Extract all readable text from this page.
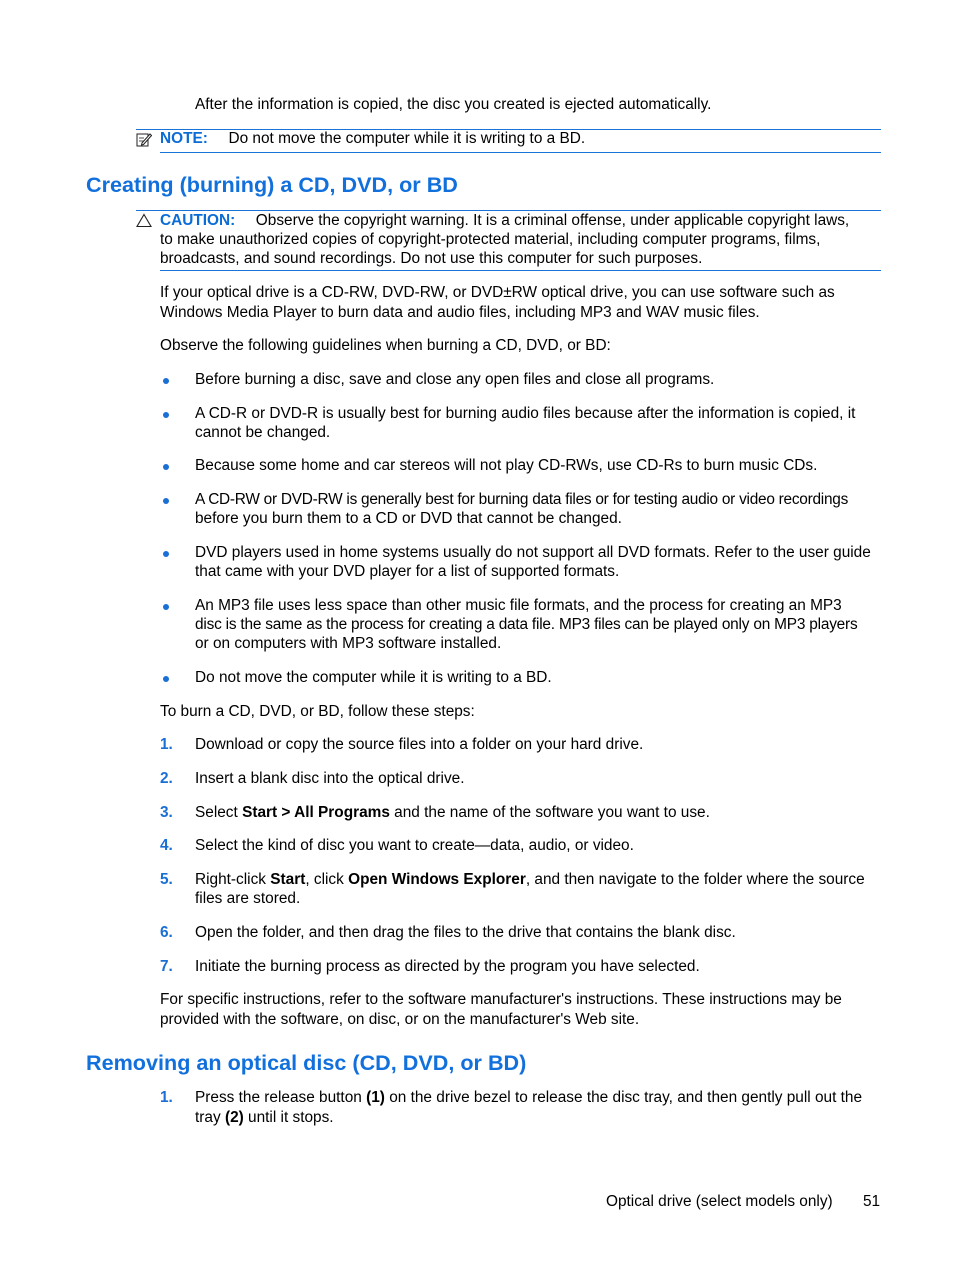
After the information is copied, the disc you created is ejected automatically.
NOTE: Do not move the computer while it is writing to a BD.
Creating (burning) a CD, DVD, or BD
CAUTION: Observe the copyright warning. It is a criminal offense, under applicable copyright laws,
to make unauthorized copies of copyright-protected material, including computer programs, films,
broadcasts, and sound recordings. Do not use this computer for such purposes.
If your optical drive is a CD-RW, DVD-RW, or DVD±RW optical drive, you can use software such as
Windows Media Player to burn data and audio files, including MP3 and WAV music files.
Observe the following guidelines when burning a CD, DVD, or BD:
Before burning a disc, save and close any open files and close all programs.
A CD-R or DVD-R is usually best for burning audio files because after the information is copied, it
cannot be changed.
Because some home and car stereos will not play CD-RWs, use CD-Rs to burn music CDs.
A CD-RW or DVD-RW is generally best for burning data files or for testing audio or video recordings
before you burn them to a CD or DVD that cannot be changed.
DVD players used in home systems usually do not support all DVD formats. Refer to the user guide
that came with your DVD player for a list of supported formats.
An MP3 file uses less space than other music file formats, and the process for creating an MP3
disc is the same as the process for creating a data file. MP3 files can be played only on MP3 players
or on computers with MP3 software installed.
Do not move the computer while it is writing to a BD.
To burn a CD, DVD, or BD, follow these steps:
1. Download or copy the source files into a folder on your hard drive.
2. Insert a blank disc into the optical drive.
3. Select Start > All Programs and the name of the software you want to use.
4. Select the kind of disc you want to create—data, audio, or video.
5. Right-click Start, click Open Windows Explorer, and then navigate to the folder where the source
files are stored.
6. Open the folder, and then drag the files to the drive that contains the blank disc.
7. Initiate the burning process as directed by the program you have selected.
For specific instructions, refer to the software manufacturer's instructions. These instructions may be
provided with the software, on disc, or on the manufacturer's Web site.
Removing an optical disc (CD, DVD, or BD)
1. Press the release button (1) on the drive bezel to release the disc tray, and then gently pull out the
tray (2) until it stops.
Optical drive (select models only) 51
